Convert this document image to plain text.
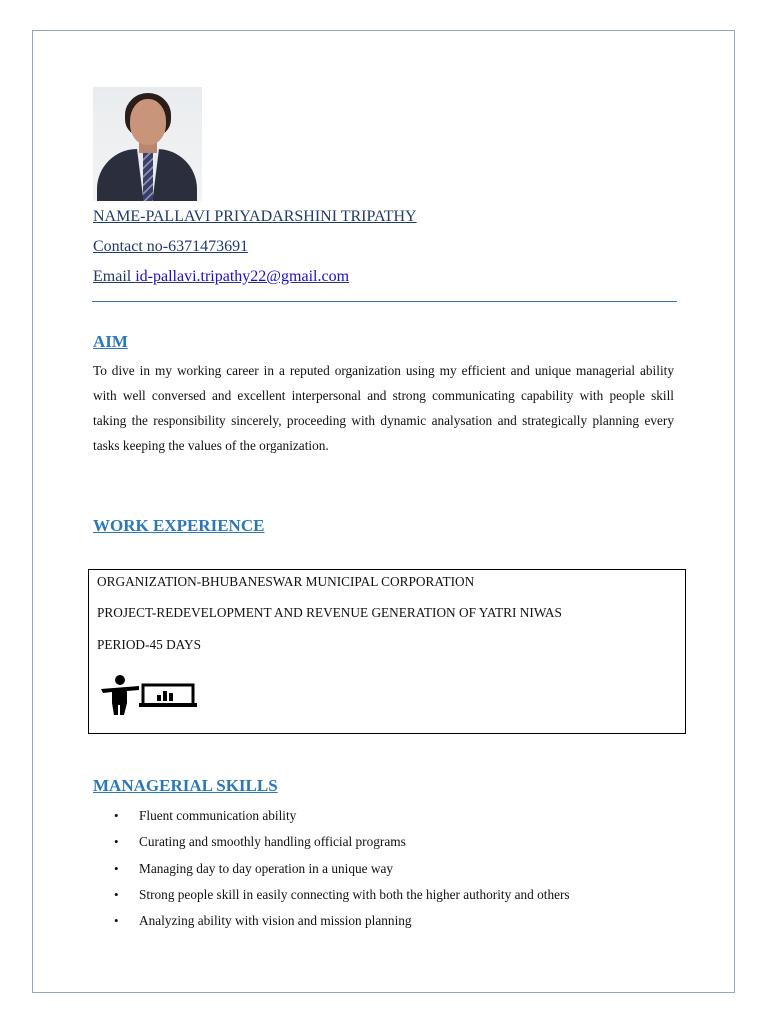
NAME-PALLAVI PRIYADARSHINI TRIPATHY
Contact no-6371473691
Email id-pallavi.tripathy22@gmail.com
AIM

To dive in my working career in a reputed organization using my efficient and unique managerial ability with well conversed and excellent interpersonal and strong communicating capability with people skill taking the responsibility sincerely, proceeding with dynamic analysation and strategically planning every tasks keeping the values of the organization.

WORK EXPERIENCE
ORGANIZATION-BHUBANESWAR MUNICIPAL CORPORATION
PROJECT-REDEVELOPMENT AND REVENUE GENERATION OF YATRI NIWAS
PERIOD-45 DAYS
MANAGERIAL SKILLS
• Fluent communication ability
• Curating and smoothly handling official programs
• Managing day to day operation in a unique way
• Strong people skill in easily connecting with both the higher authority and others
• Analyzing ability with vision and mission planning
